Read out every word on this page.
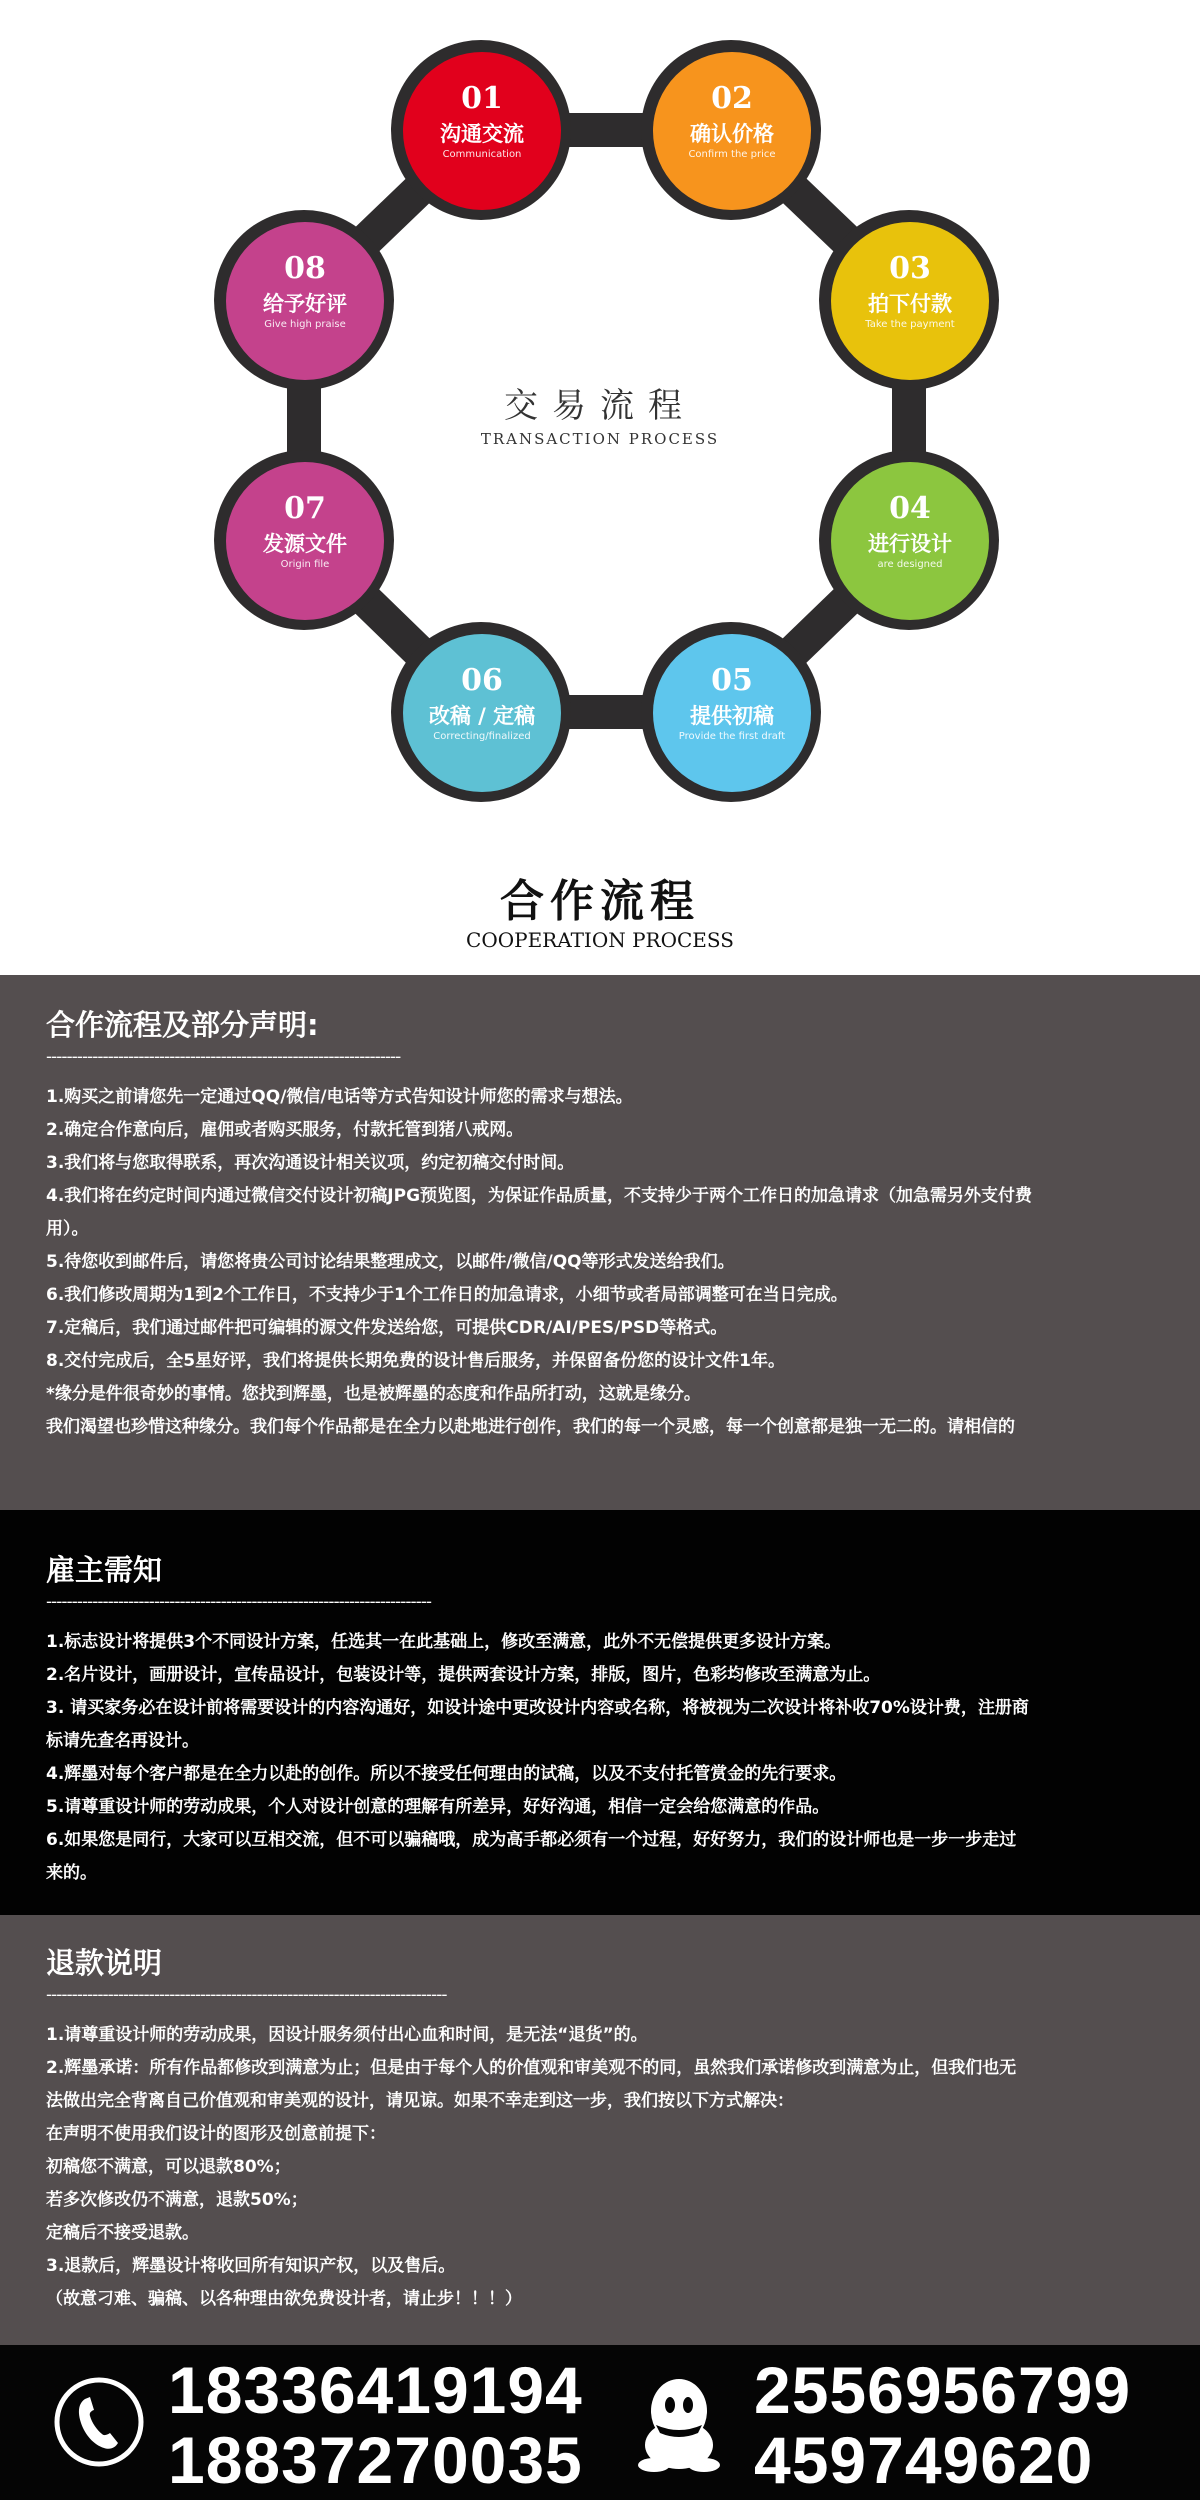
01
沟通交流
Communication
02
确认价格
Confirm the price
03
拍下付款
Take the payment
04
进行设计
are designed
05
提供初稿
Provide the first draft
06
改稿 / 定稿
Correcting/finalized
07
发源文件
Origin file
08
给予好评
Give high praise
交易流程
TRANSACTION PROCESS
合作流程
COOPERATION PROCESS

合作流程及部分声明:

---------------------------------------------------------------------

1.购买之前请您先一定通过QQ/微信/电话等方式告知设计师您的需求与想法。

2.确定合作意向后，雇佣或者购买服务，付款托管到猪八戒网。

3.我们将与您取得联系，再次沟通设计相关议项，约定初稿交付时间。

4.我们将在约定时间内通过微信交付设计初稿JPG预览图，为保证作品质量，不支持少于两个工作日的加急请求（加急需另外支付费

用）。

5.待您收到邮件后，请您将贵公司讨论结果整理成文，以邮件/微信/QQ等形式发送给我们。

6.我们修改周期为1到2个工作日，不支持少于1个工作日的加急请求，小细节或者局部调整可在当日完成。

7.定稿后，我们通过邮件把可编辑的源文件发送给您，可提供CDR/AI/PES/PSD等格式。

8.交付完成后，全5星好评，我们将提供长期免费的设计售后服务，并保留备份您的设计文件1年。

*缘分是件很奇妙的事情。您找到辉墨，也是被辉墨的态度和作品所打动，这就是缘分。

我们渴望也珍惜这种缘分。我们每个作品都是在全力以赴地进行创作，我们的每一个灵感，每一个创意都是独一无二的。请相信的

雇主需知

---------------------------------------------------------------------------

1.标志设计将提供3个不同设计方案，任选其一在此基础上，修改至满意，此外不无偿提供更多设计方案。

2.名片设计，画册设计，宣传品设计，包装设计等，提供两套设计方案，排版，图片，色彩均修改至满意为止。

3. 请买家务必在设计前将需要设计的内容沟通好，如设计途中更改设计内容或名称，将被视为二次设计将补收70%设计费，注册商

标请先查名再设计。

4.辉墨对每个客户都是在全力以赴的创作。所以不接受任何理由的试稿，以及不支付托管赏金的先行要求。

5.请尊重设计师的劳动成果，个人对设计创意的理解有所差异，好好沟通，相信一定会给您满意的作品。

6.如果您是同行，大家可以互相交流，但不可以骗稿哦，成为高手都必须有一个过程，好好努力，我们的设计师也是一步一步走过

来的。

退款说明

------------------------------------------------------------------------------

1.请尊重设计师的劳动成果，因设计服务须付出心血和时间，是无法“退货”的。

2.辉墨承诺：所有作品都修改到满意为止；但是由于每个人的价值观和审美观不的同，虽然我们承诺修改到满意为止，但我们也无

法做出完全背离自己价值观和审美观的设计，请见谅。如果不幸走到这一步，我们按以下方式解决：

在声明不使用我们设计的图形及创意前提下：

初稿您不满意，可以退款80%；

若多次修改仍不满意，退款50%；

定稿后不接受退款。

3.退款后，辉墨设计将收回所有知识产权，以及售后。

（故意刁难、骗稿、以各种理由欲免费设计者，请止步！！！）

18336419194
18837270035
2556956799
459749620
